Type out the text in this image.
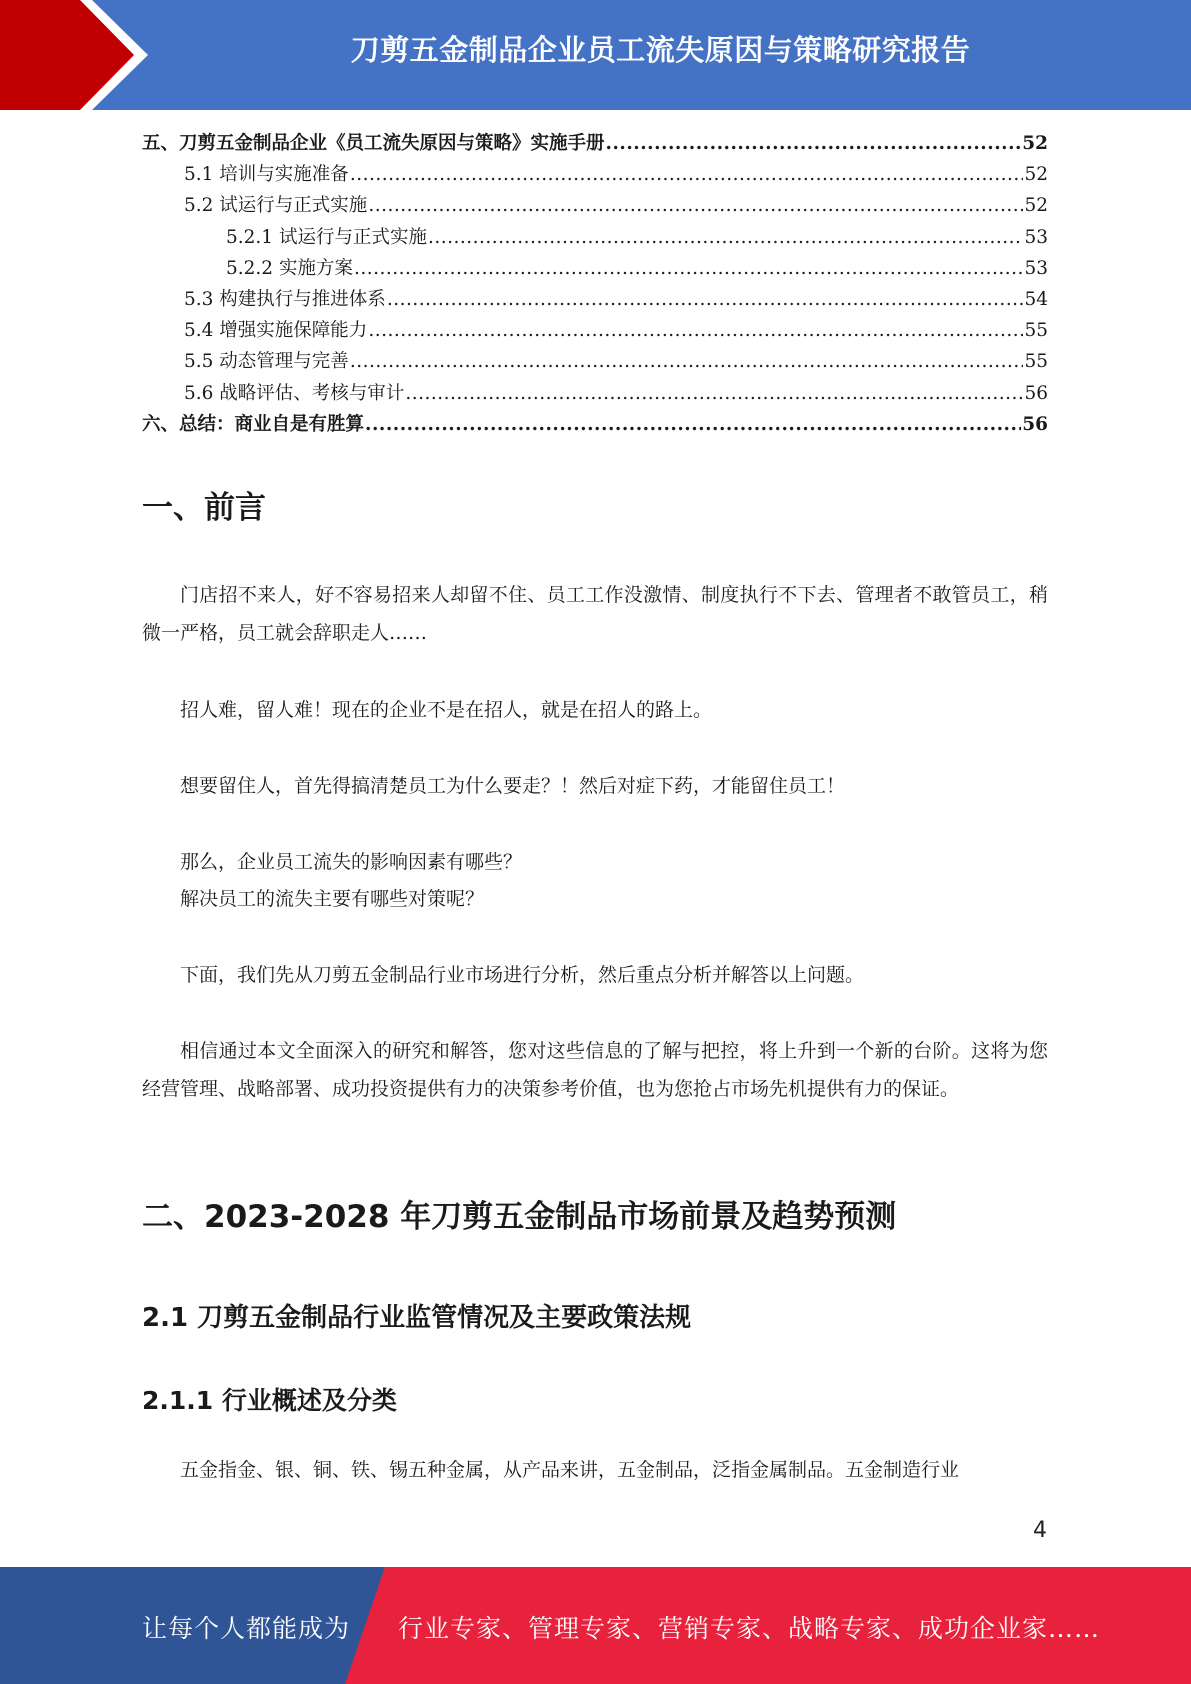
刀剪五金制品企业员工流失原因与策略研究报告
五、刀剪五金制品企业《员工流失原因与策略》实施手册 .....	52
5.1 培训与实施准备 .....	52
5.2 试运行与正式实施 .....	52
5.2.1 试运行与正式实施 .....	53
5.2.2 实施方案 .....	53
5.3 构建执行与推进体系 .....	54
5.4 增强实施保障能力 .....	55
5.5 动态管理与完善 .....	55
5.6 战略评估、考核与审计 .....	56
六、总结：商业自是有胜算 .....	56
一、前言

门店招不来人，好不容易招来人却留不住、员工工作没激情、制度执行不下去、管理者不敢管员工，稍微一严格，员工就会辞职走人……

招人难，留人难！现在的企业不是在招人，就是在招人的路上。

想要留住人，首先得搞清楚员工为什么要走？！然后对症下药，才能留住员工！

那么，企业员工流失的影响因素有哪些？

解决员工的流失主要有哪些对策呢？

下面，我们先从刀剪五金制品行业市场进行分析，然后重点分析并解答以上问题。

相信通过本文全面深入的研究和解答，您对这些信息的了解与把控，将上升到一个新的台阶。这将为您经营管理、战略部署、成功投资提供有力的决策参考价值，也为您抢占市场先机提供有力的保证。

二、2023-2028 年刀剪五金制品市场前景及趋势预测
2.1 刀剪五金制品行业监管情况及主要政策法规
2.1.1 行业概述及分类

五金指金、银、铜、铁、锡五种金属，从产品来讲，五金制品，泛指金属制品。五金制造行业

4
让每个人都能成为 行业专家、管理专家、营销专家、战略专家、成功企业家……
